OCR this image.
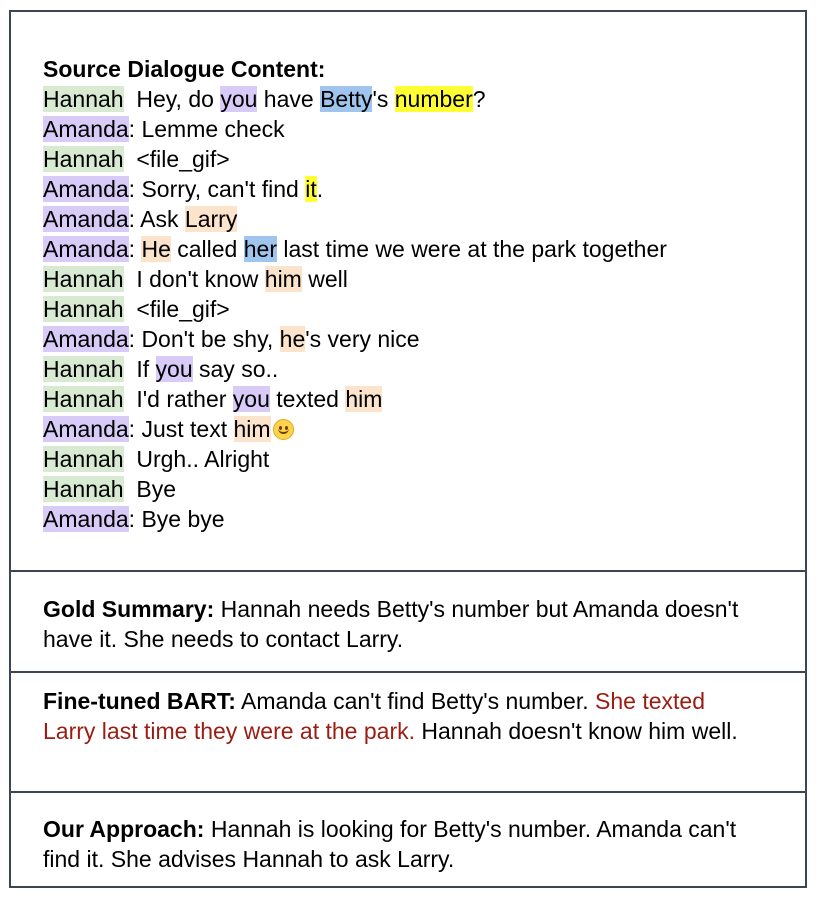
Source Dialogue Content:
Hannah  Hey, do you have Betty's number?
Amanda: Lemme check
Hannah  <file_gif>
Amanda: Sorry, can't find it.
Amanda: Ask Larry
Amanda: He called her last time we were at the park together
Hannah  I don't know him well
Hannah  <file_gif>
Amanda: Don't be shy, he's very nice
Hannah  If you say so..
Hannah  I'd rather you texted him
Amanda: Just text him
Hannah  Urgh.. Alright
Hannah  Bye
Amanda: Bye bye
Gold Summary: Hannah needs Betty's number but Amanda doesn't have it. She needs to contact Larry.
Fine-tuned BART: Amanda can't find Betty's number. She texted Larry last time they were at the park. Hannah doesn't know him well.
Our Approach: Hannah is looking for Betty's number. Amanda can't find it. She advises Hannah to ask Larry.
